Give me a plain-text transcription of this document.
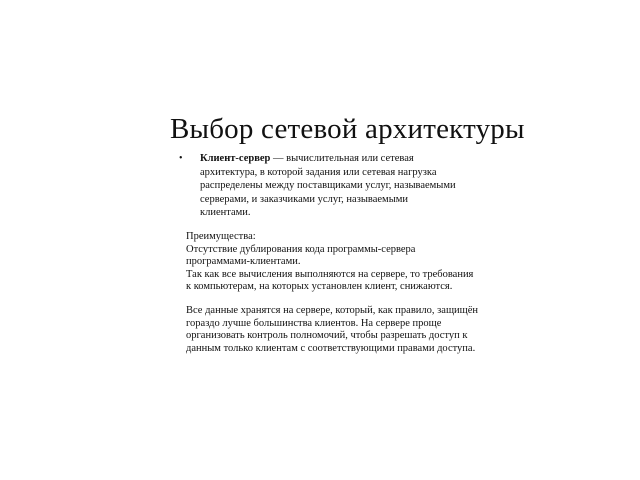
Выбор сетевой архитектуры
•	Клиент-сервер — вычислительная или сетевая
архитектура, в которой задания или сетевая нагрузка
распределены между поставщиками услуг, называемыми
серверами, и заказчиками услуг, называемыми
клиентами.
Преимущества:
Отсутствие дублирования кода программы-сервера
программами-клиентами.
Так как все вычисления выполняются на сервере, то требования
к компьютерам, на которых установлен клиент, снижаются.
Все данные хранятся на сервере, который, как правило, защищён
гораздо лучше большинства клиентов. На сервере проще
организовать контроль полномочий, чтобы разрешать доступ к
данным только клиентам с соответствующими правами доступа.
